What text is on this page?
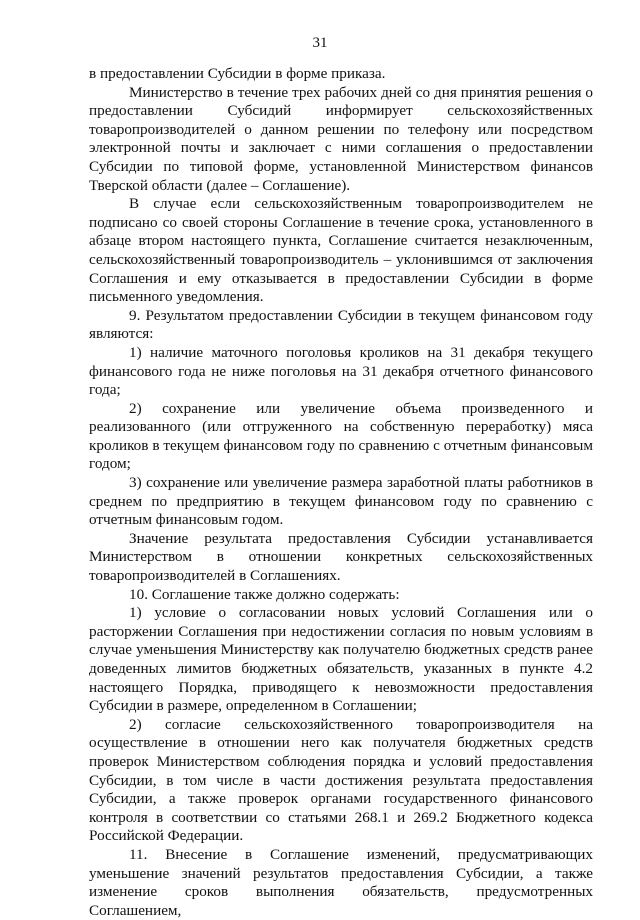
31

в предоставлении Субсидии в форме приказа.

Министерство в течение трех рабочих дней со дня принятия решения о предоставлении Субсидий информирует сельскохозяйственных товаропроизводителей о данном решении по телефону или посредством электронной почты и заключает с ними соглашения о предоставлении Субсидии по типовой форме, установленной Министерством финансов Тверской области (далее – Соглашение).

В случае если сельскохозяйственным товаропроизводителем не подписано со своей стороны Соглашение в течение срока, установленного в абзаце втором настоящего пункта, Соглашение считается незаключенным, сельскохозяйственный товаропроизводитель – уклонившимся от заключения Соглашения и ему отказывается в предоставлении Субсидии в форме письменного уведомления.

9. Результатом предоставлении Субсидии в текущем финансовом году являются:

1) наличие маточного поголовья кроликов на 31 декабря текущего финансового года не ниже поголовья на 31 декабря отчетного финансового года;

2) сохранение или увеличение объема произведенного и реализованного (или отгруженного на собственную переработку) мяса кроликов в текущем финансовом году по сравнению с отчетным финансовым годом;

3) сохранение или увеличение размера заработной платы работников в среднем по предприятию в текущем финансовом году по сравнению с отчетным финансовым годом.

Значение результата предоставления Субсидии устанавливается Министерством в отношении конкретных сельскохозяйственных товаропроизводителей в Соглашениях.

10. Соглашение также должно содержать:

1) условие о согласовании новых условий Соглашения или о расторжении Соглашения при недостижении согласия по новым условиям в случае уменьшения Министерству как получателю бюджетных средств ранее доведенных лимитов бюджетных обязательств, указанных в пункте 4.2 настоящего Порядка, приводящего к невозможности предоставления Субсидии в размере, определенном в Соглашении;

2) согласие сельскохозяйственного товаропроизводителя на осуществление в отношении него как получателя бюджетных средств проверок Министерством соблюдения порядка и условий предоставления Субсидии, в том числе в части достижения результата предоставления Субсидии, а также проверок органами государственного финансового контроля в соответствии со статьями 268.1 и 269.2 Бюджетного кодекса Российской Федерации.

11. Внесение в Соглашение изменений, предусматривающих уменьшение значений результатов предоставления Субсидии, а также изменение сроков выполнения обязательств, предусмотренных Соглашением,
